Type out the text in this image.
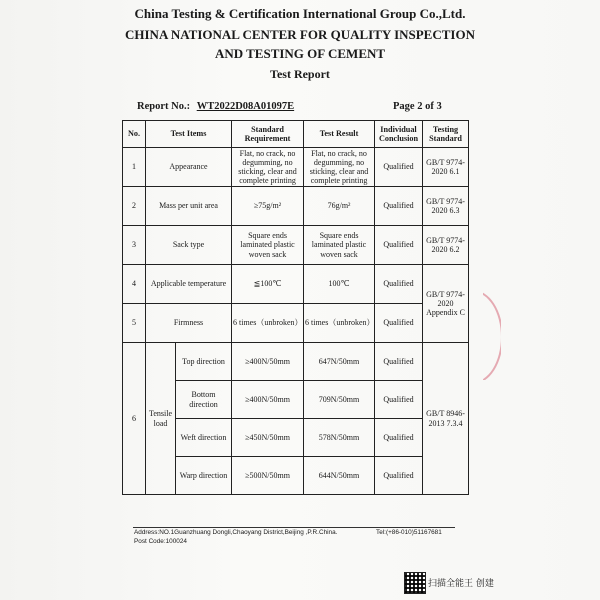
China Testing & Certification International Group Co.,Ltd.
CHINA NATIONAL CENTER FOR QUALITY INSPECTION
AND TESTING OF CEMENT
Test Report
Report No.: WT2022D08A01097E	Page 2 of 3
No.	Test Items		Standard Requirement	Test Result	Individual Conclusion	Testing Standard
1	Appearance		Flat, no crack, no degumming, no sticking, clear and complete printing	Flat, no crack, no degumming, no sticking, clear and complete printing	Qualified	GB/T 9774-2020 6.1
2	Mass per unit area		≥75g/m²	76g/m²	Qualified	GB/T 9774-2020 6.3
3	Sack type		Square ends laminated plastic woven sack	Square ends laminated plastic woven sack	Qualified	GB/T 9774-2020 6.2
4	Applicable temperature		≦100℃	100℃	Qualified	GB/T 9774-2020 Appendix C
5	Firmness		6 times（unbroken）	6 times（unbroken）	Qualified	
6	Tensile load	Top direction	≥400N/50mm	647N/50mm	Qualified	GB/T 8946-2013 7.3.4
		Bottom direction	≥400N/50mm	709N/50mm	Qualified	
		Weft direction	≥450N/50mm	578N/50mm	Qualified	
		Warp direction	≥500N/50mm	644N/50mm	Qualified	
Address:NO.1Guanzhuang Dongli,Chaoyang District,Beijing ,P.R.China.	Tel:(+86-010)51167681
Post Code:100024
扫描全能王 创建
